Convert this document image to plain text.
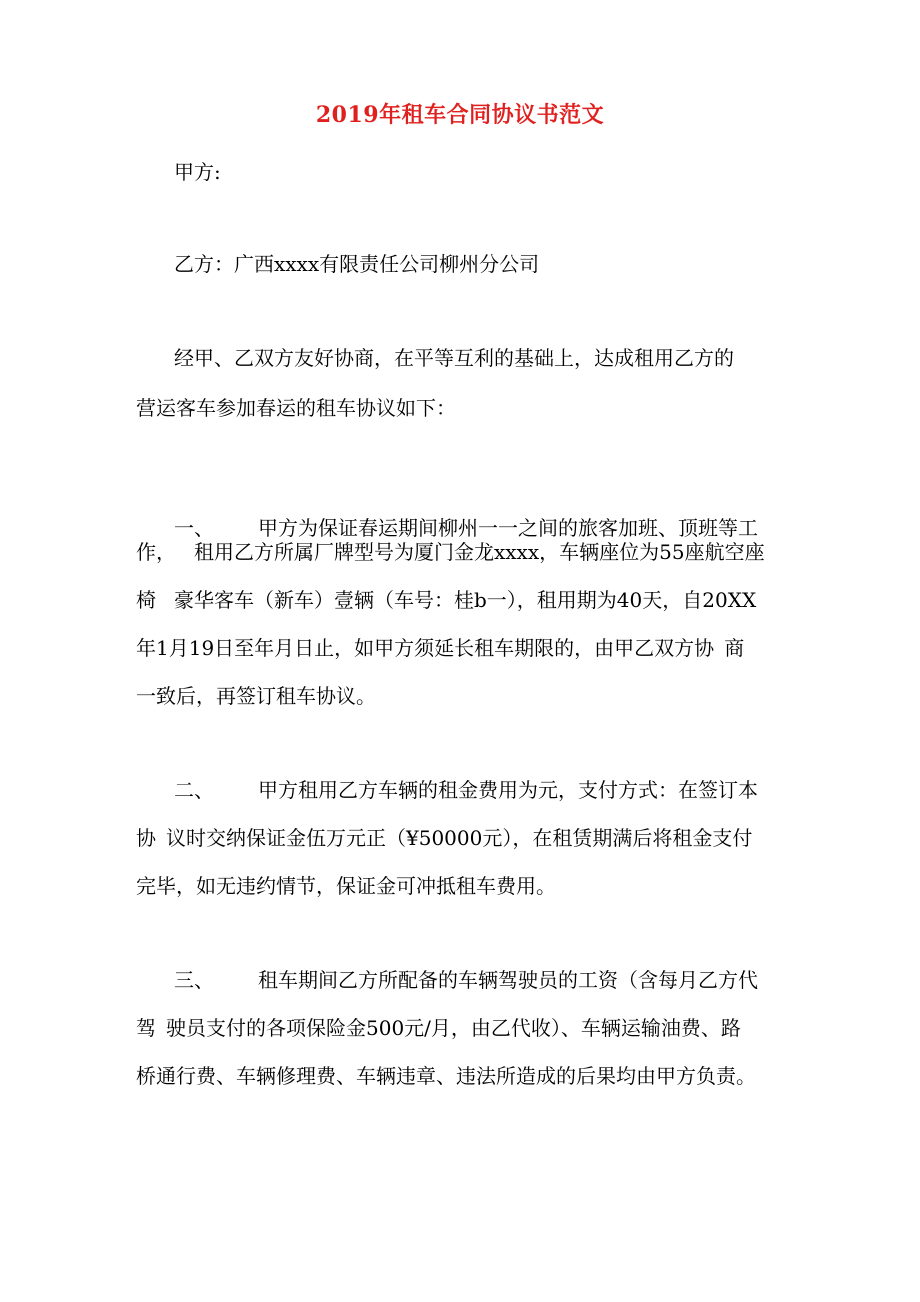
2019年租车合同协议书范文
甲方:
乙方：广西xxxx有限责任公司柳州分公司
经甲、乙双方友好协商，在平等互利的基础上，达成租用乙方的
营运客车参加春运的租车协议如下：
一、 甲方为保证春运期间柳州一一之间的旅客加班、顶班等工
作， 租用乙方所属厂牌型号为厦门金龙xxxx，车辆座位为55座航空座
椅 豪华客车（新车）壹辆（车号：桂b一），租用期为40天，自20XX
年1月19日至年月日止，如甲方须延长租车期限的，由甲乙双方协 商
一致后，再签订租车协议。
二、 甲方租用乙方车辆的租金费用为元，支付方式：在签订本
协 议时交纳保证金伍万元正（¥50000元），在租赁期满后将租金支付
完毕，如无违约情节，保证金可冲抵租车费用。
三、 租车期间乙方所配备的车辆驾驶员的工资（含每月乙方代
驾 驶员支付的各项保险金500元/月，由乙代收）、车辆运输油费、路
桥通行费、车辆修理费、车辆违章、违法所造成的后果均由甲方负责。
